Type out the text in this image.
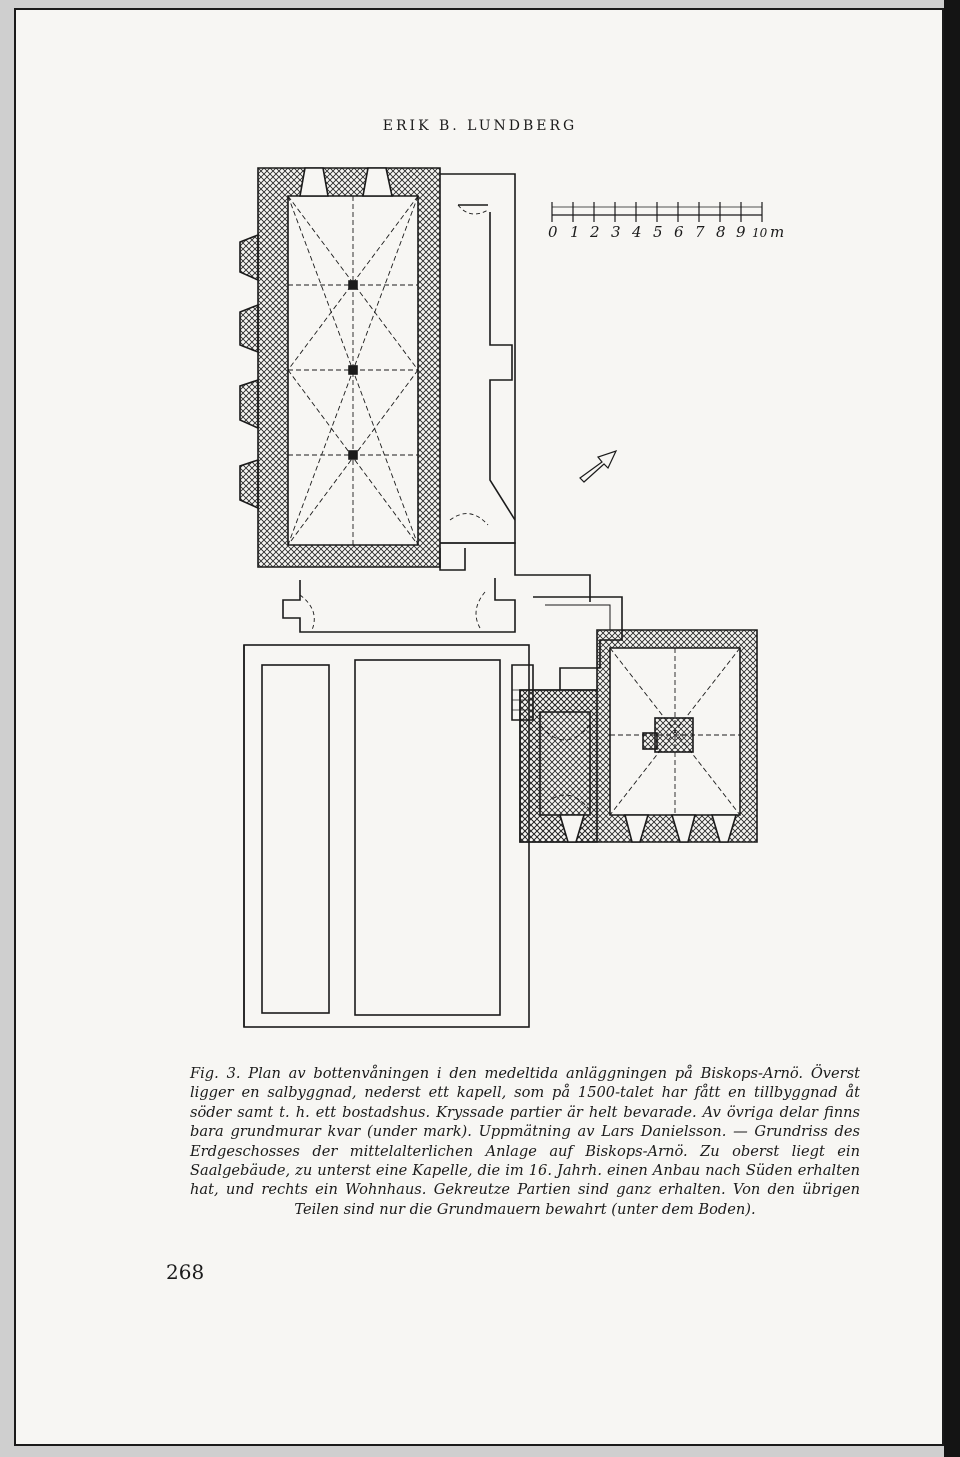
ERIK B. LUNDBERG
0 1 2 3 4 5 6 7 8 9 10 m
Fig. 3. Plan av bottenvåningen i den medeltida anläggningen på Biskops-Arnö. Överst ligger en salbyggnad, nederst ett kapell, som på 1500-talet har fått en tillbyggnad åt söder samt t. h. ett bostadshus. Kryssade partier är helt bevarade. Av övriga delar finns bara grundmurar kvar (under mark). Uppmätning av Lars Danielsson. — Grundriss des Erdgeschosses der mittelalterlichen Anlage auf Biskops-Arnö. Zu oberst liegt ein Saalgebäude, zu unterst eine Kapelle, die im 16. Jahrh. einen Anbau nach Süden erhalten hat, und rechts ein Wohnhaus. Gekreutze Partien sind ganz erhalten. Von den übrigen Teilen sind nur die Grundmauern bewahrt (unter dem Boden).
268
